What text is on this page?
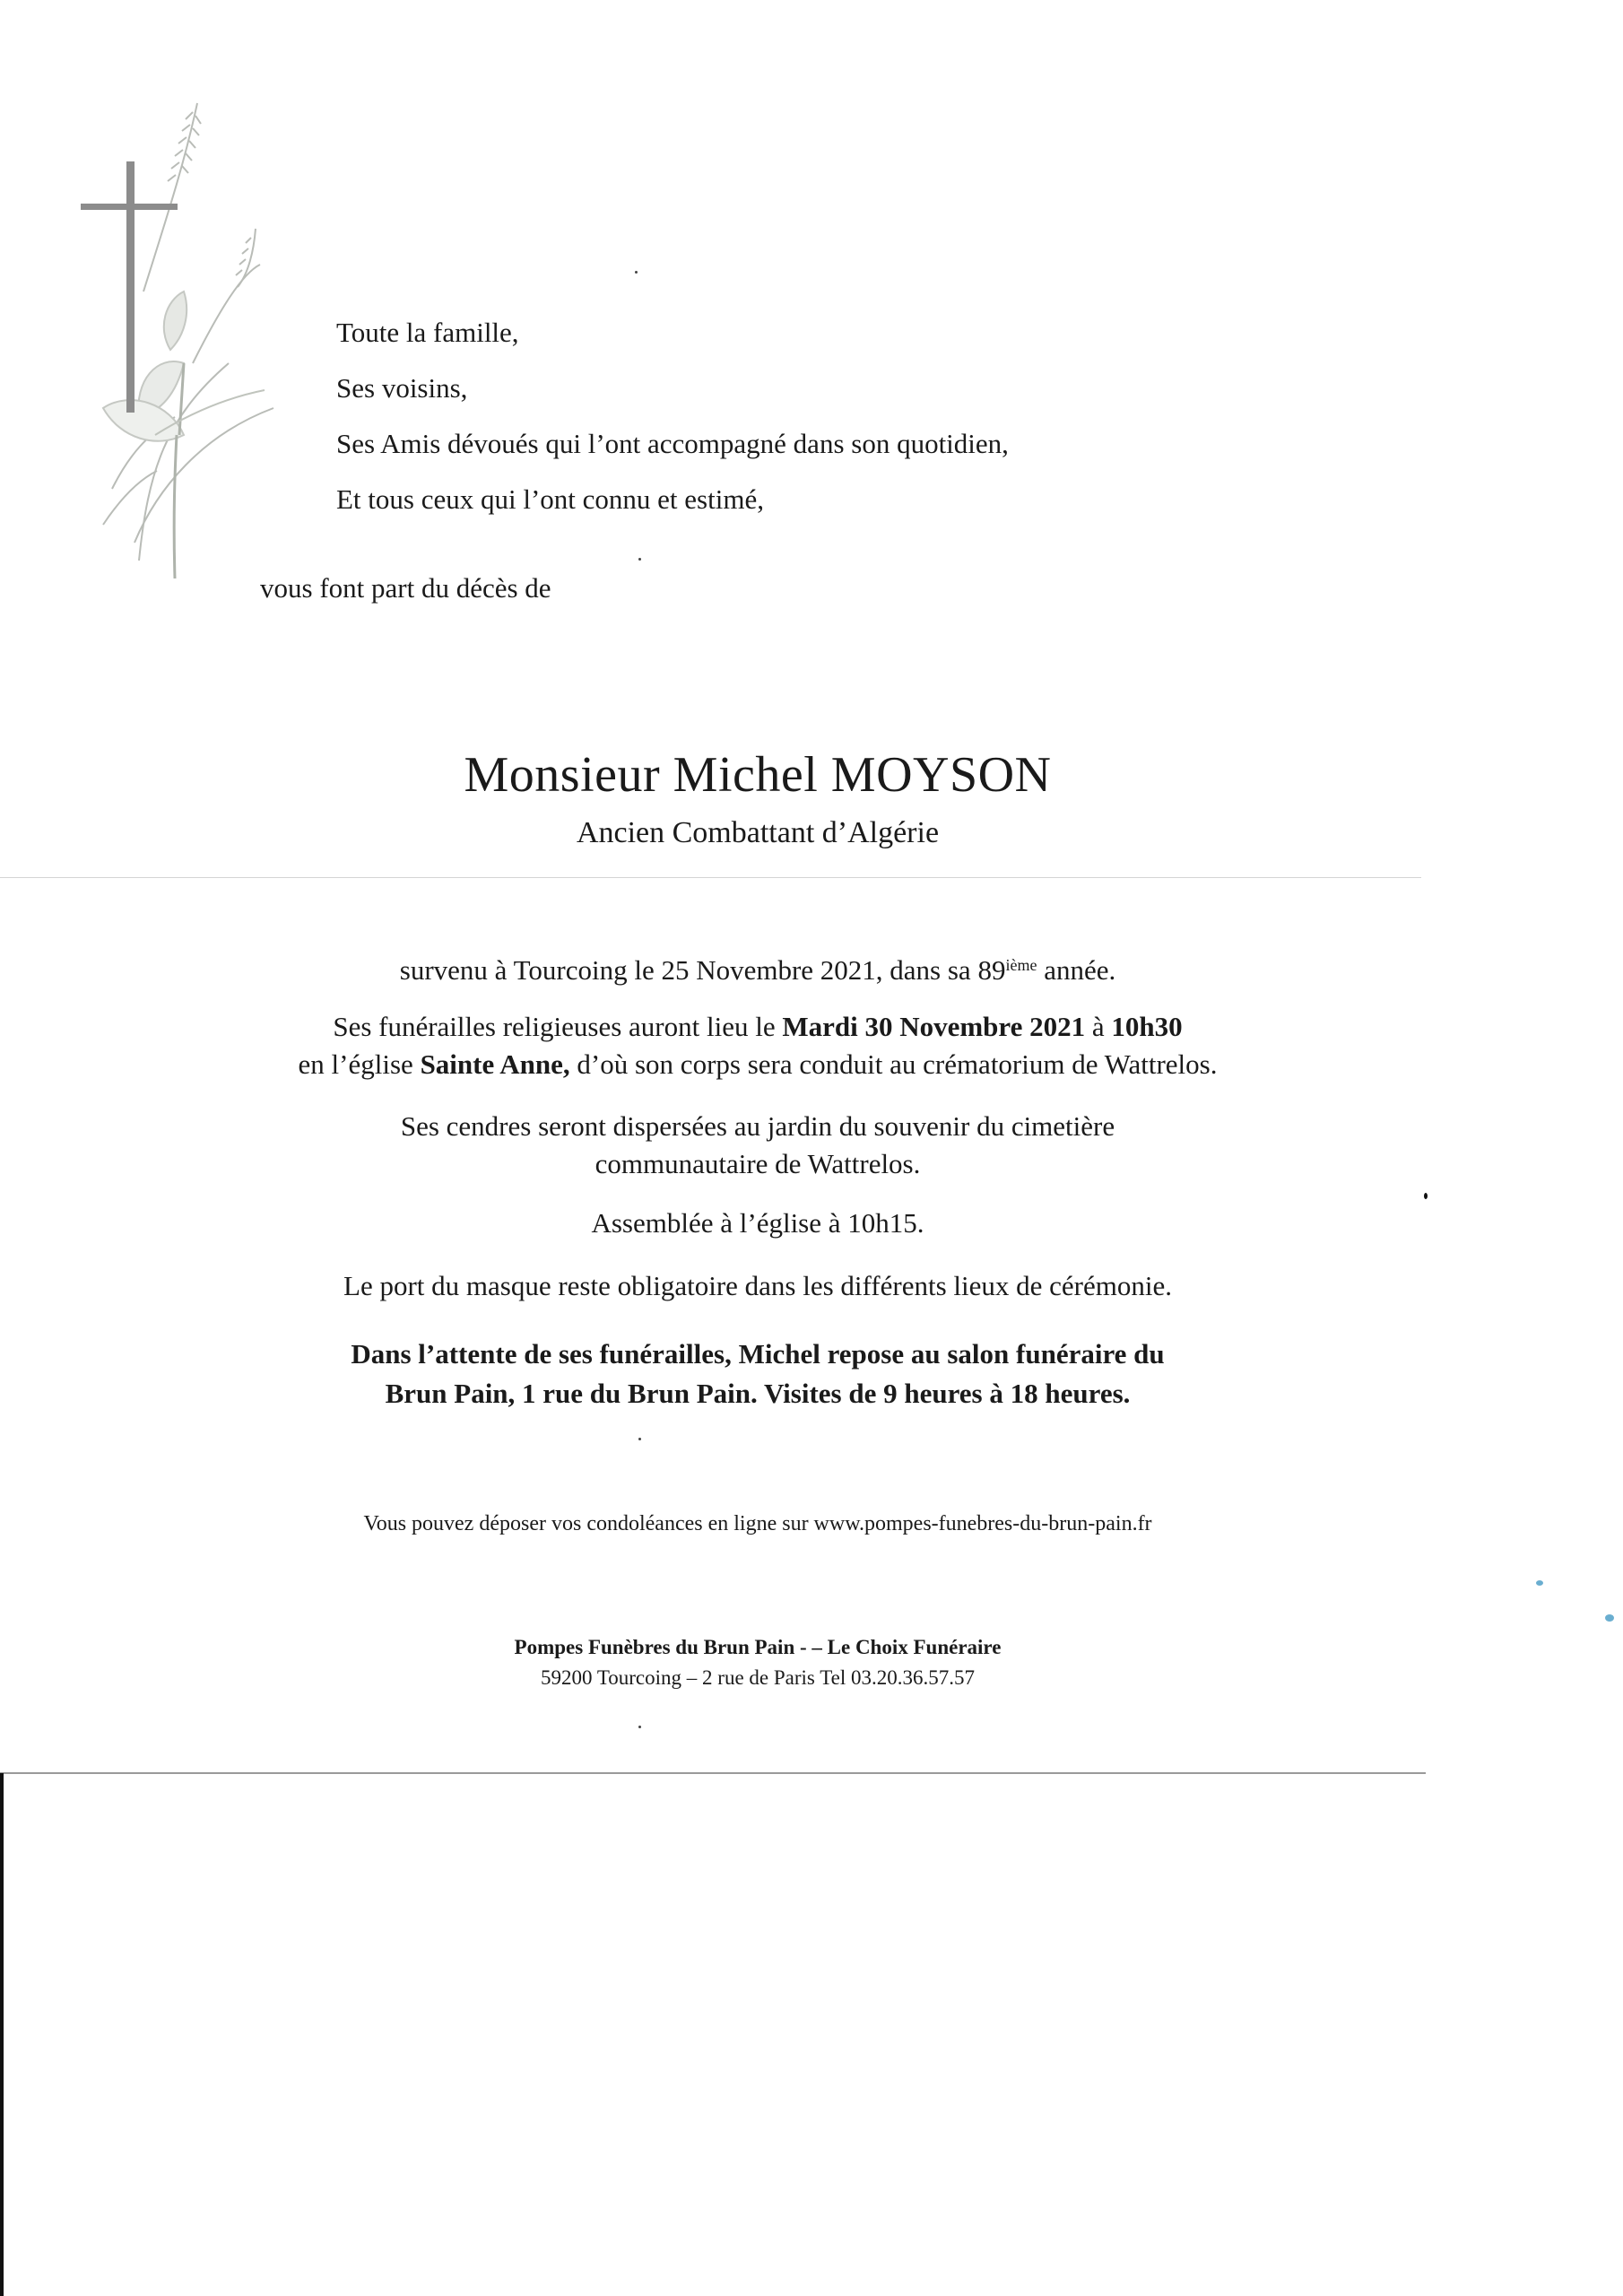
Toute la famille,
Ses voisins,
Ses Amis dévoués qui l’ont accompagné dans son quotidien,
Et tous ceux qui l’ont connu et estimé,
vous font part du décès de
Monsieur Michel MOYSON
Ancien Combattant d’Algérie
survenu à Tourcoing le 25 Novembre 2021, dans sa 89ième année.
Ses funérailles religieuses auront lieu le Mardi 30 Novembre 2021 à 10h30
en l’église Sainte Anne, d’où son corps sera conduit au crématorium de Wattrelos.
Ses cendres seront dispersées au jardin du souvenir du cimetière
communautaire de Wattrelos.
Assemblée à l’église à 10h15.
Le port du masque reste obligatoire dans les différents lieux de cérémonie.
Dans l’attente de ses funérailles, Michel repose au salon funéraire du
Brun Pain, 1 rue du Brun Pain. Visites de 9 heures à 18 heures.
Vous pouvez déposer vos condoléances en ligne sur www.pompes-funebres-du-brun-pain.fr
Pompes Funèbres du Brun Pain - – Le Choix Funéraire
59200 Tourcoing – 2 rue de Paris Tel 03.20.36.57.57
